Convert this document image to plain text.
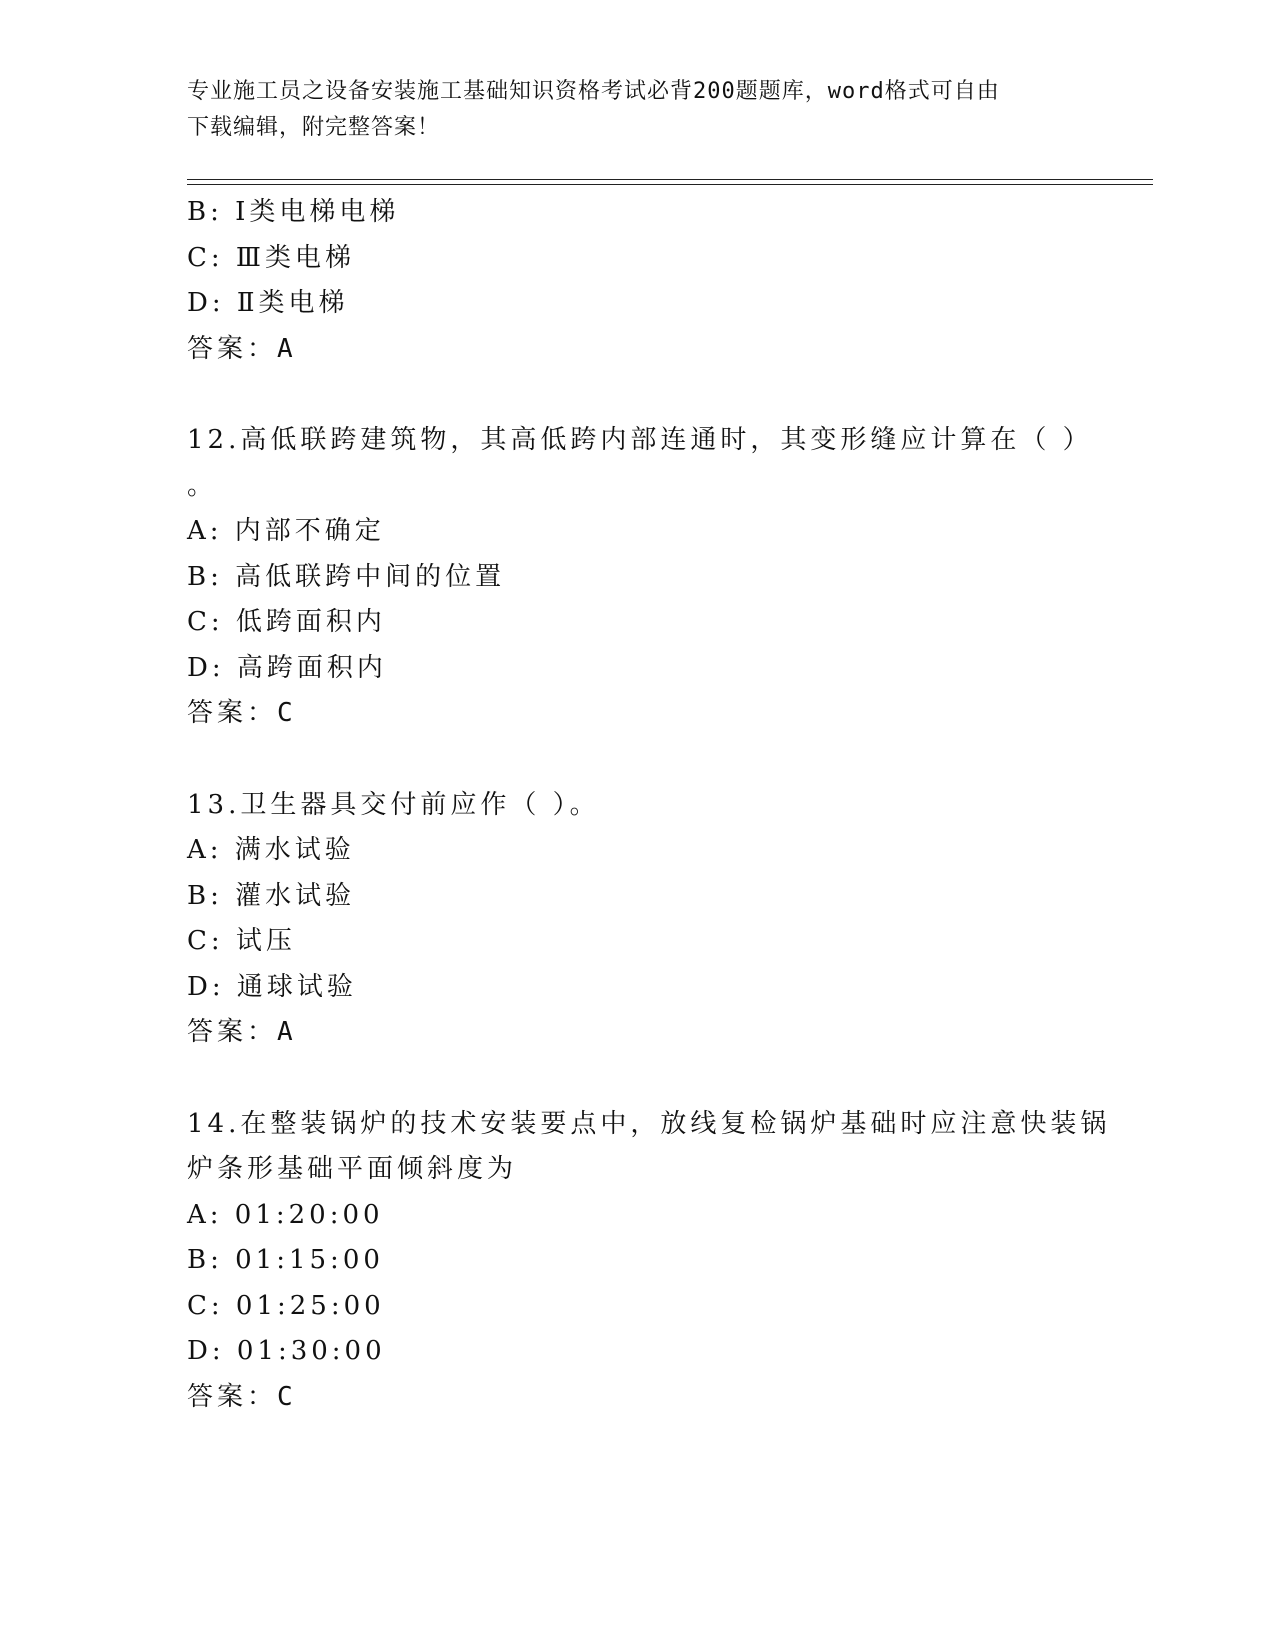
专业施工员之设备安装施工基础知识资格考试必背200题题库，word格式可自由
下载编辑，附完整答案！
B: Ⅰ类电梯电梯
C: Ⅲ类电梯
D: Ⅱ类电梯
答案：A
12.高低联跨建筑物，其高低跨内部连通时，其变形缝应计算在（ ）
。
A: 内部不确定
B: 高低联跨中间的位置
C: 低跨面积内
D: 高跨面积内
答案：C
13.卫生器具交付前应作（ ）。
A: 满水试验
B: 灌水试验
C: 试压
D: 通球试验
答案：A
14.在整装锅炉的技术安装要点中，放线复检锅炉基础时应注意快装锅
炉条形基础平面倾斜度为
A: 01:20:00
B: 01:15:00
C: 01:25:00
D: 01:30:00
答案：C
